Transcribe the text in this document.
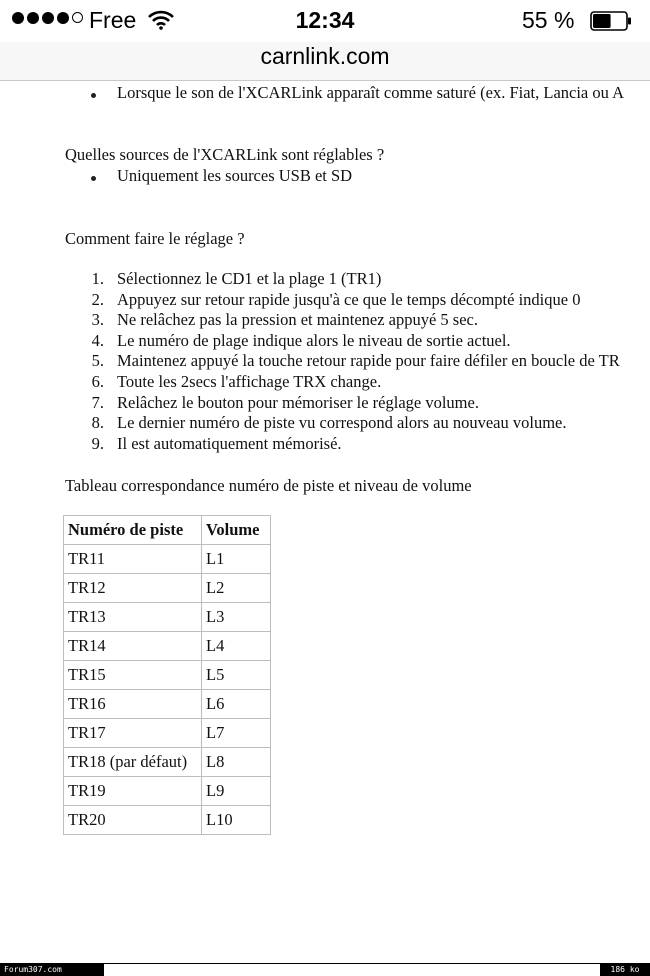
Free	12:34	55 %
carnlink.com
Lorsque le son de l'XCARLink apparaît comme saturé (ex. Fiat, Lancia ou A
Quelles sources de l'XCARLink sont réglables ?
Uniquement les sources USB et SD
Comment faire le réglage ?
1. Sélectionnez le CD1 et la plage 1 (TR1)
2. Appuyez sur retour rapide jusqu'à ce que le temps décompté indique 0
3. Ne relâchez pas la pression et maintenez appuyé 5 sec.
4. Le numéro de plage indique alors le niveau de sortie actuel.
5. Maintenez appuyé la touche retour rapide pour faire défiler en boucle de TR
6. Toute les 2secs l'affichage TRX change.
7. Relâchez le bouton pour mémoriser le réglage volume.
8. Le dernier numéro de piste vu correspond alors au nouveau volume.
9. Il est automatiquement mémorisé.
Tableau correspondance numéro de piste et niveau de volume
Numéro de piste	Volume
TR11	L1
TR12	L2
TR13	L3
TR14	L4
TR15	L5
TR16	L6
TR17	L7
TR18 (par défaut)	L8
TR19	L9
TR20	L10
Forum307.com	186 ko
